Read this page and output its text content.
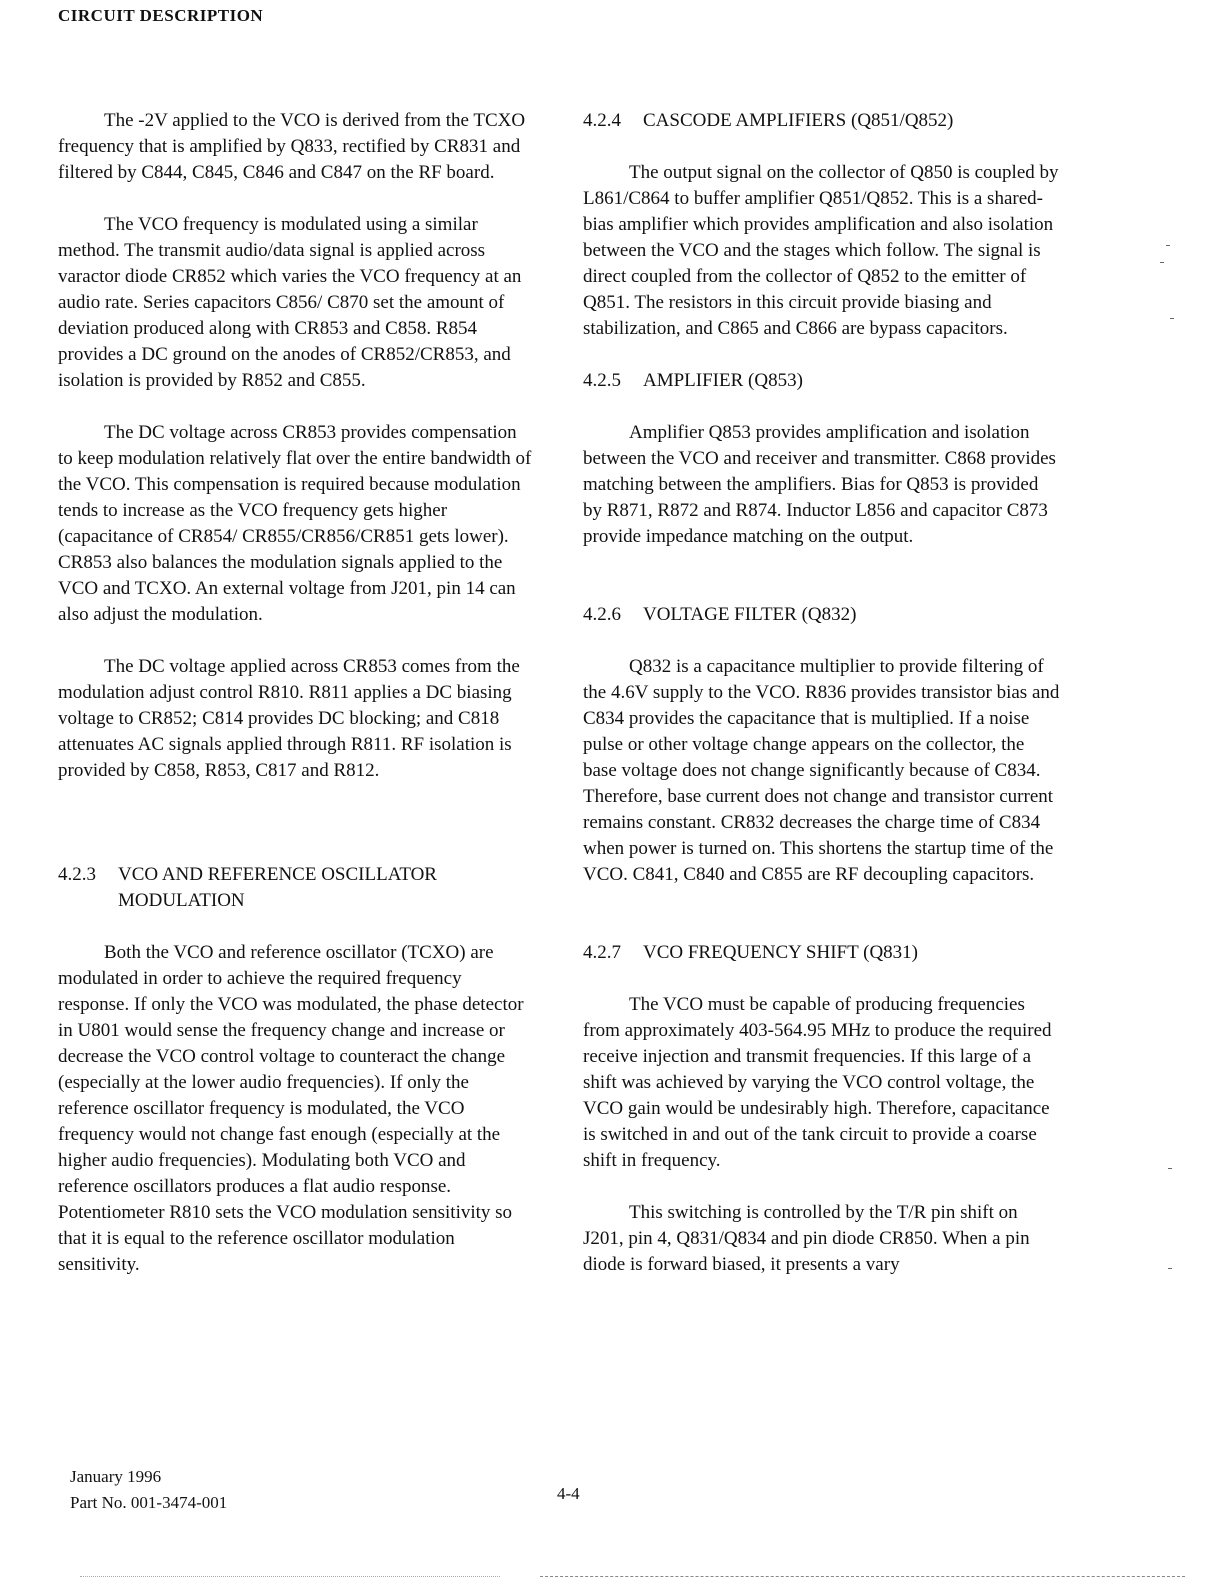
CIRCUIT DESCRIPTION

The -2V applied to the VCO is derived from the TCXO frequency that is amplified by Q833, rectified by CR831 and filtered by C844, C845, C846 and C847 on the RF board.

The VCO frequency is modulated using a similar method. The transmit audio/data signal is applied across varactor diode CR852 which varies the VCO frequency at an audio rate. Series capacitors C856/ C870 set the amount of deviation produced along with CR853 and C858. R854 provides a DC ground on the anodes of CR852/CR853, and isolation is provided by R852 and C855.

The DC voltage across CR853 provides compensation to keep modulation relatively flat over the entire bandwidth of the VCO. This compensation is required because modulation tends to increase as the VCO frequency gets higher (capacitance of CR854/ CR855/CR856/CR851 gets lower). CR853 also balances the modulation signals applied to the VCO and TCXO. An external voltage from J201, pin 14 can also adjust the modulation.

The DC voltage applied across CR853 comes from the modulation adjust control R810. R811 applies a DC biasing voltage to CR852; C814 provides DC blocking; and C818 attenuates AC signals applied through R811. RF isolation is provided by C858, R853, C817 and R812.

4.2.3 VCO AND REFERENCE OSCILLATOR
MODULATION

Both the VCO and reference oscillator (TCXO) are modulated in order to achieve the required frequency response. If only the VCO was modulated, the phase detector in U801 would sense the frequency change and increase or decrease the VCO control voltage to counteract the change (especially at the lower audio frequencies). If only the reference oscillator frequency is modulated, the VCO frequency would not change fast enough (especially at the higher audio frequencies). Modulating both VCO and reference oscillators produces a flat audio response. Potentiometer R810 sets the VCO modulation sensitivity so that it is equal to the reference oscillator modulation sensitivity.

4.2.4 CASCODE AMPLIFIERS (Q851/Q852)

The output signal on the collector of Q850 is coupled by L861/C864 to buffer amplifier Q851/Q852. This is a shared-bias amplifier which provides amplification and also isolation between the VCO and the stages which follow. The signal is direct coupled from the collector of Q852 to the emitter of Q851. The resistors in this circuit provide biasing and stabilization, and C865 and C866 are bypass capacitors.

4.2.5 AMPLIFIER (Q853)

Amplifier Q853 provides amplification and isolation between the VCO and receiver and transmitter. C868 provides matching between the amplifiers. Bias for Q853 is provided by R871, R872 and R874. Inductor L856 and capacitor C873 provide impedance matching on the output.

4.2.6 VOLTAGE FILTER (Q832)

Q832 is a capacitance multiplier to provide filtering of the 4.6V supply to the VCO. R836 provides transistor bias and C834 provides the capacitance that is multiplied. If a noise pulse or other voltage change appears on the collector, the base voltage does not change significantly because of C834. Therefore, base current does not change and transistor current remains constant. CR832 decreases the charge time of C834 when power is turned on. This shortens the startup time of the VCO. C841, C840 and C855 are RF decoupling capacitors.

4.2.7 VCO FREQUENCY SHIFT (Q831)

The VCO must be capable of producing frequencies from approximately 403-564.95 MHz to produce the required receive injection and transmit frequencies. If this large of a shift was achieved by varying the VCO control voltage, the VCO gain would be undesirably high. Therefore, capacitance is switched in and out of the tank circuit to provide a coarse shift in frequency.

This switching is controlled by the T/R pin shift on J201, pin 4, Q831/Q834 and pin diode CR850. When a pin diode is forward biased, it presents a vary

January 1996
Part No. 001-3474-001	4-4
